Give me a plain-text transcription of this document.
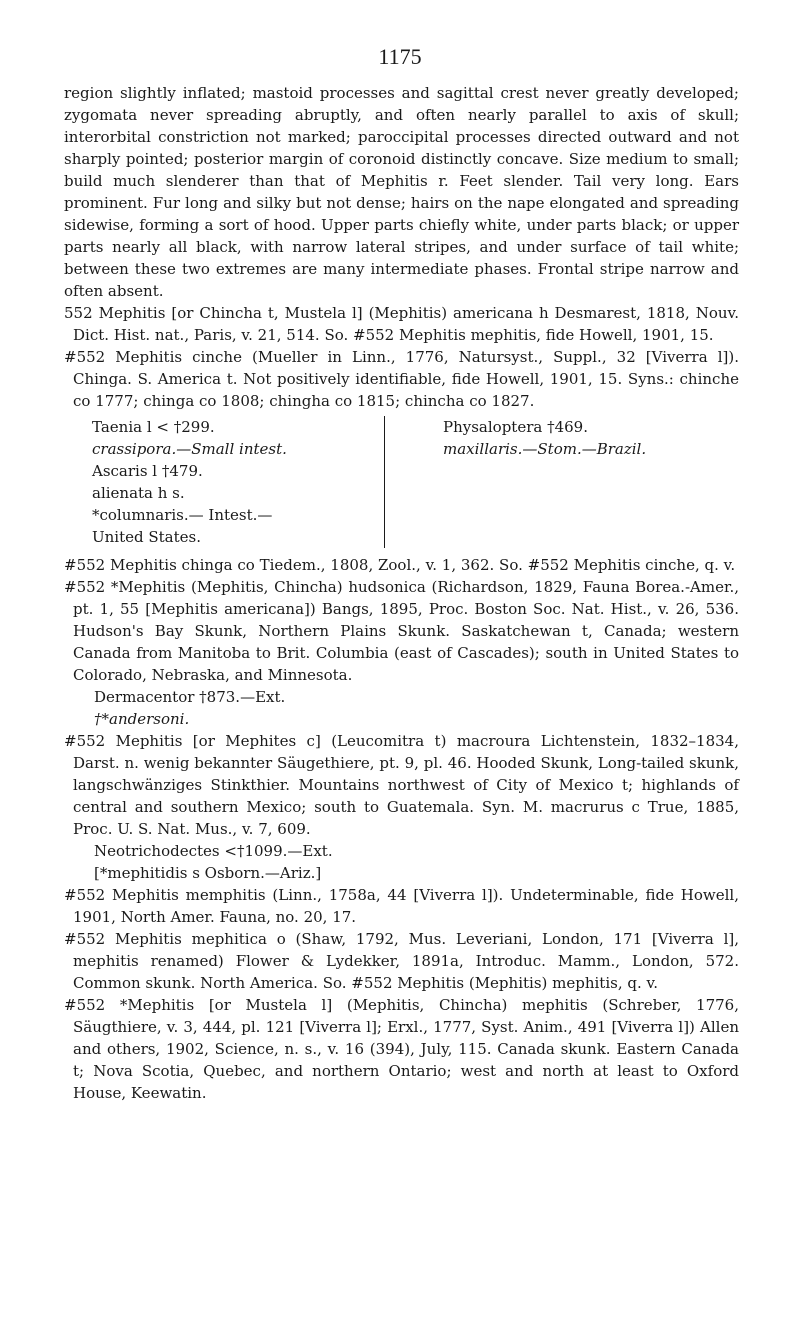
1175

region slightly inflated; mastoid processes and sagittal crest never greatly developed; zygomata never spreading abruptly, and often nearly parallel to axis of skull; interorbital constriction not marked; paroccipital processes directed outward and not sharply pointed; posterior margin of coronoid distinctly concave. Size medium to small; build much slenderer than that of Mephitis r. Feet slender. Tail very long. Ears prominent. Fur long and silky but not dense; hairs on the nape elongated and spreading sidewise, forming a sort of hood. Upper parts chiefly white, under parts black; or upper parts nearly all black, with narrow lateral stripes, and under surface of tail white; between these two extremes are many intermediate phases. Frontal stripe narrow and often absent.

552 Mephitis [or Chincha t, Mustela l] (Mephitis) americana h Desmarest, 1818, Nouv. Dict. Hist. nat., Paris, v. 21, 514. So. #552 Mephitis mephitis, fide Howell, 1901, 15.

#552 Mephitis cinche (Mueller in Linn., 1776, Natursyst., Suppl., 32 [Viverra l]). Chinga. S. America t. Not positively identifiable, fide Howell, 1901, 15. Syns.: chinche co 1777; chinga co 1808; chingha co 1815; chincha co 1827.

Taenia l < †299.

crassipora.—Small intest.

Ascaris l †479.

alienata h s.

*columnaris.— Intest.—

United States.

Physaloptera †469.

maxillaris.—Stom.—Brazil.

#552 Mephitis chinga co Tiedem., 1808, Zool., v. 1, 362. So. #552 Mephitis cinche, q. v.

#552 *Mephitis (Mephitis, Chincha) hudsonica (Richardson, 1829, Fauna Borea.-Amer., pt. 1, 55 [Mephitis americana]) Bangs, 1895, Proc. Boston Soc. Nat. Hist., v. 26, 536. Hudson's Bay Skunk, Northern Plains Skunk. Saskatchewan t, Canada; western Canada from Manitoba to Brit. Columbia (east of Cascades); south in United States to Colorado, Nebraska, and Minnesota.

Dermacentor †873.—Ext.

†*andersoni.

#552 Mephitis [or Mephites c] (Leucomitra t) macroura Lichtenstein, 1832–1834, Darst. n. wenig bekannter Säugethiere, pt. 9, pl. 46. Hooded Skunk, Long-tailed skunk, langschwänziges Stinkthier. Mountains northwest of City of Mexico t; highlands of central and southern Mexico; south to Guatemala. Syn. M. macrurus c True, 1885, Proc. U. S. Nat. Mus., v. 7, 609.

Neotrichodectes <†1099.—Ext.

[*mephitidis s Osborn.—Ariz.]

#552 Mephitis memphitis (Linn., 1758a, 44 [Viverra l]). Undeterminable, fide Howell, 1901, North Amer. Fauna, no. 20, 17.

#552 Mephitis mephitica o (Shaw, 1792, Mus. Leveriani, London, 171 [Viverra l], mephitis renamed) Flower & Lydekker, 1891a, Introduc. Mamm., London, 572. Common skunk. North America. So. #552 Mephitis (Mephitis) mephitis, q. v.

#552 *Mephitis [or Mustela l] (Mephitis, Chincha) mephitis (Schreber, 1776, Säugthiere, v. 3, 444, pl. 121 [Viverra l]; Erxl., 1777, Syst. Anim., 491 [Viverra l]) Allen and others, 1902, Science, n. s., v. 16 (394), July, 115. Canada skunk. Eastern Canada t; Nova Scotia, Quebec, and northern Ontario; west and north at least to Oxford House, Keewatin.
